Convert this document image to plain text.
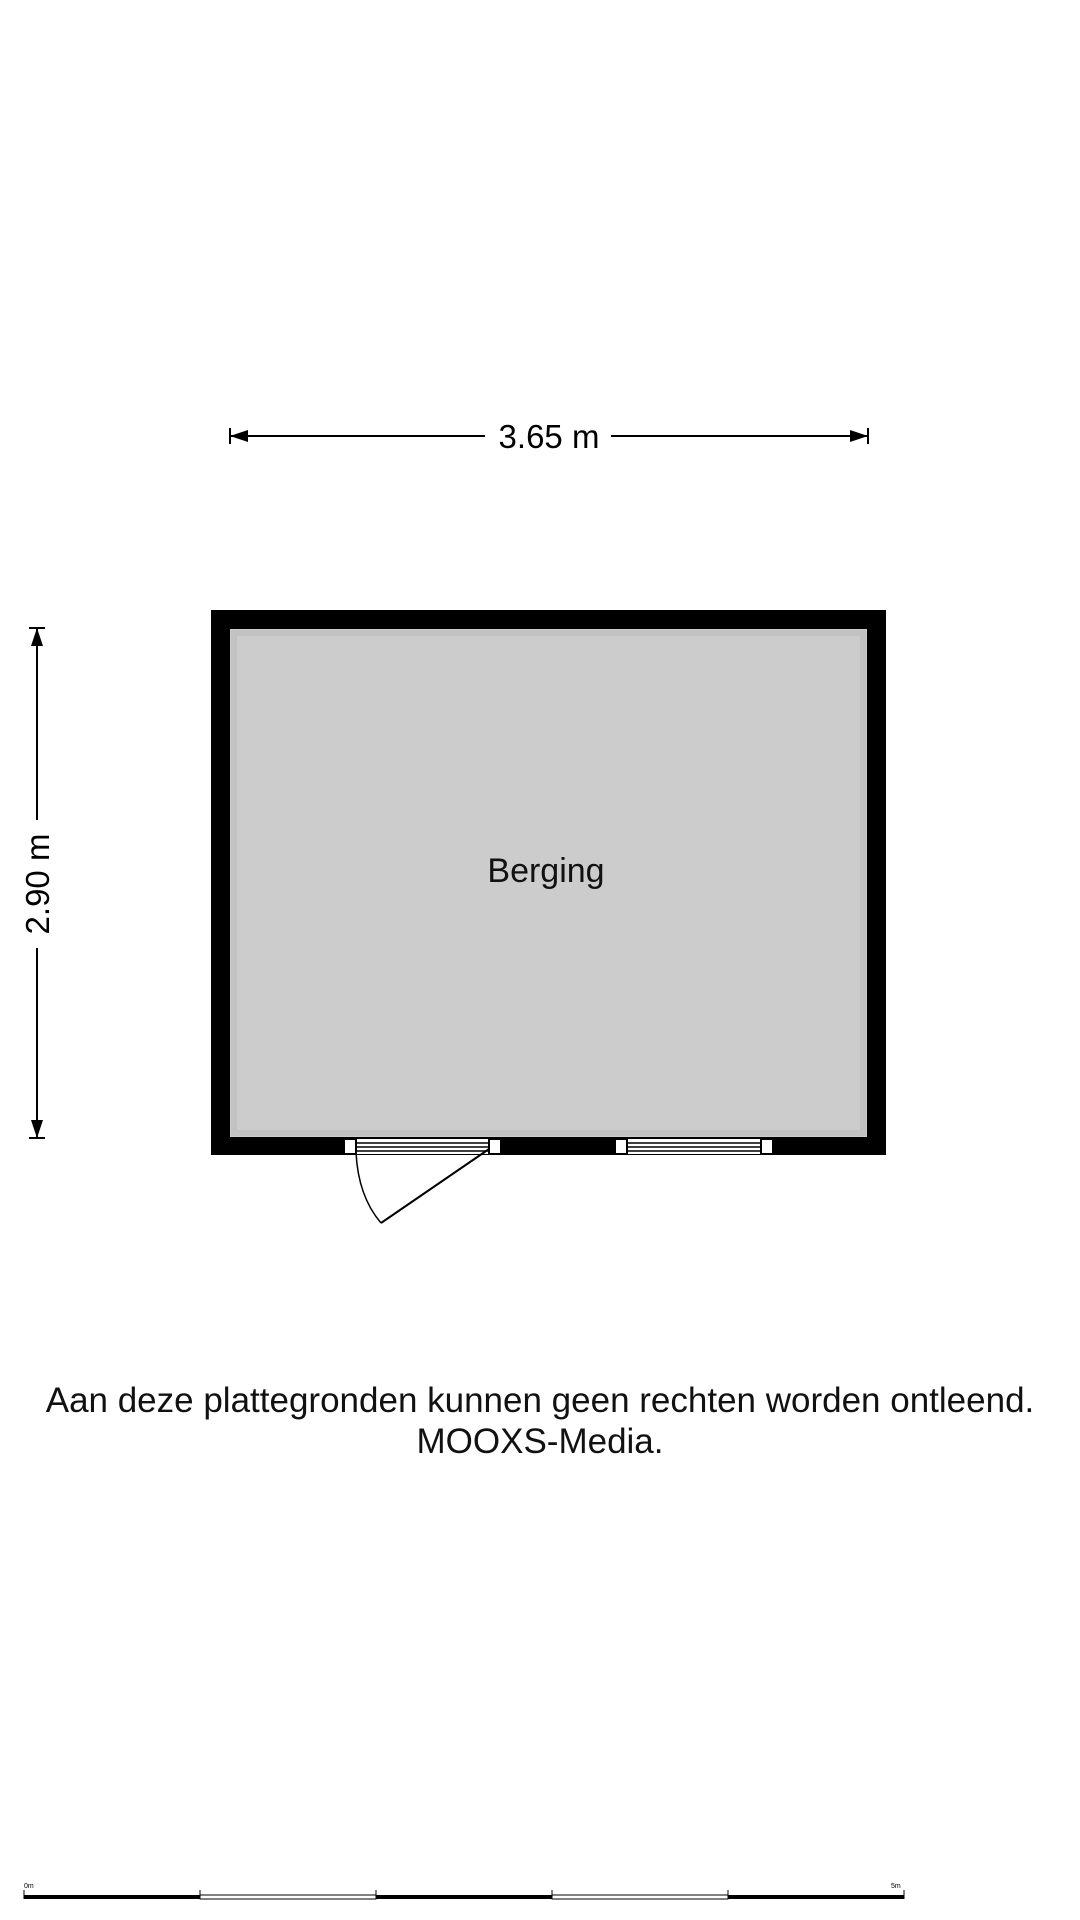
3.65 m
2.90 m	Berging
0m	5m
Aan deze plattegronden kunnen geen rechten worden ontleend.
MOOXS-Media.
